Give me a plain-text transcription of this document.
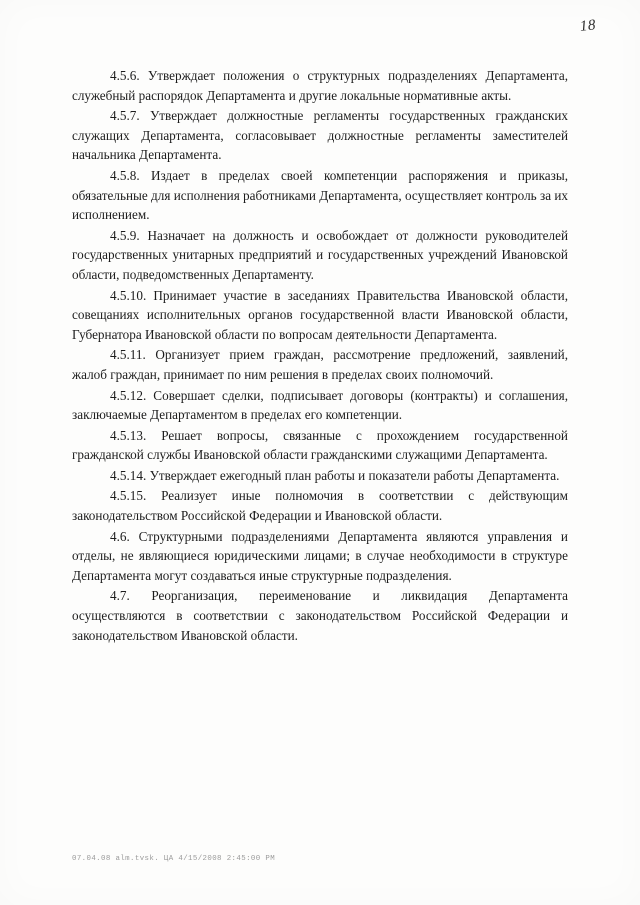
18

4.5.6. Утверждает положения о структурных подразделениях Департамента, служебный распорядок Департамента и другие локальные нормативные акты.

4.5.7. Утверждает должностные регламенты государственных гражданских служащих Департамента, согласовывает должностные регламенты заместителей начальника Департамента.

4.5.8. Издает в пределах своей компетенции распоряжения и приказы, обязательные для исполнения работниками Департамента, осуществляет контроль за их исполнением.

4.5.9. Назначает на должность и освобождает от должности руководителей государственных унитарных предприятий и государственных учреждений Ивановской области, подведомственных Департаменту.

4.5.10. Принимает участие в заседаниях Правительства Ивановской области, совещаниях исполнительных органов государственной власти Ивановской области, Губернатора Ивановской области по вопросам деятельности Департамента.

4.5.11. Организует прием граждан, рассмотрение предложений, заявлений, жалоб граждан, принимает по ним решения в пределах своих полномочий.

4.5.12. Совершает сделки, подписывает договоры (контракты) и соглашения, заключаемые Департаментом в пределах его компетенции.

4.5.13. Решает вопросы, связанные с прохождением государственной гражданской службы Ивановской области гражданскими служащими Департамента.

4.5.14. Утверждает ежегодный план работы и показатели работы Департамента.

4.5.15. Реализует иные полномочия в соответствии с действующим законодательством Российской Федерации и Ивановской области.

4.6. Структурными подразделениями Департамента являются управления и отделы, не являющиеся юридическими лицами; в случае необходимости в структуре Департамента могут создаваться иные структурные подразделения.

4.7. Реорганизация, переименование и ликвидация Департамента осуществляются в соответствии с законодательством Российской Федерации и законодательством Ивановской области.

07.04.08 alm.tvsk. ЦА 4/15/2008 2:45:00 PM
